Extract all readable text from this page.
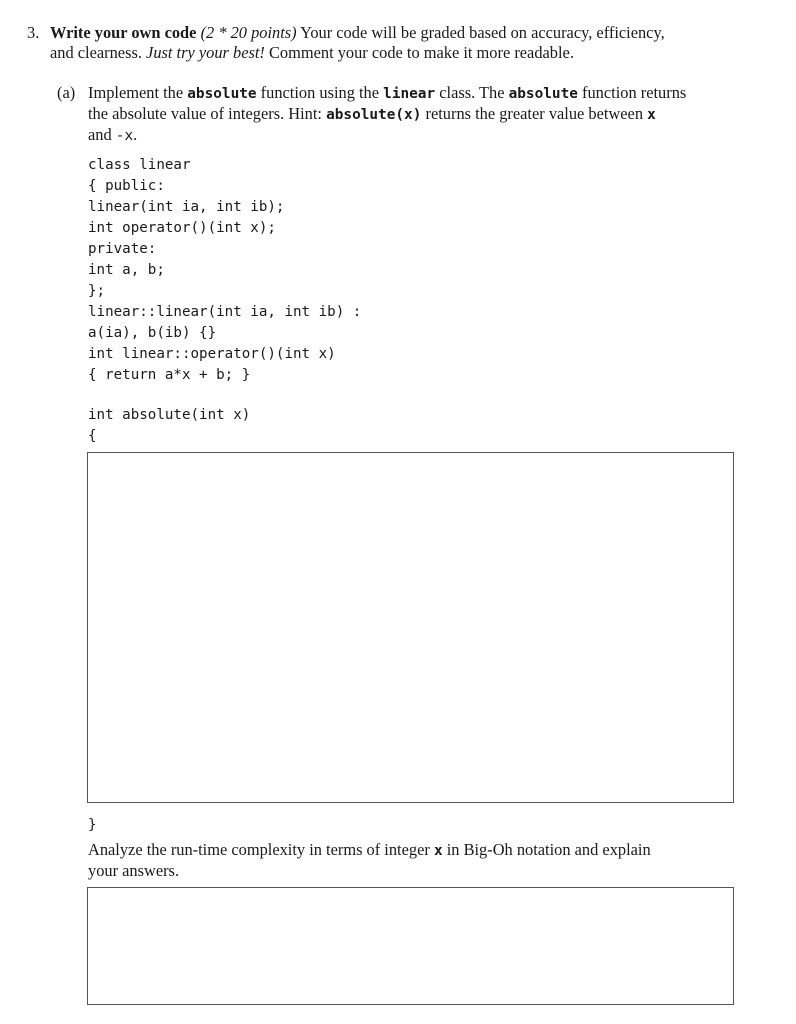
3. Write your own code (2 * 20 points) Your code will be graded based on accuracy, efficiency,
and clearness. Just try your best! Comment your code to make it more readable.
(a) Implement the absolute function using the linear class. The absolute function returns
the absolute value of integers. Hint: absolute(x) returns the greater value between x
and -x.
class linear
{ public:
linear(int ia, int ib);
int operator()(int x);
private:
int a, b;
};
linear::linear(int ia, int ib) :
a(ia), b(ib) {}
int linear::operator()(int x)
{ return a*x + b; }
int absolute(int x)
{
}
Analyze the run-time complexity in terms of integer x in Big-Oh notation and explain
your answers.
